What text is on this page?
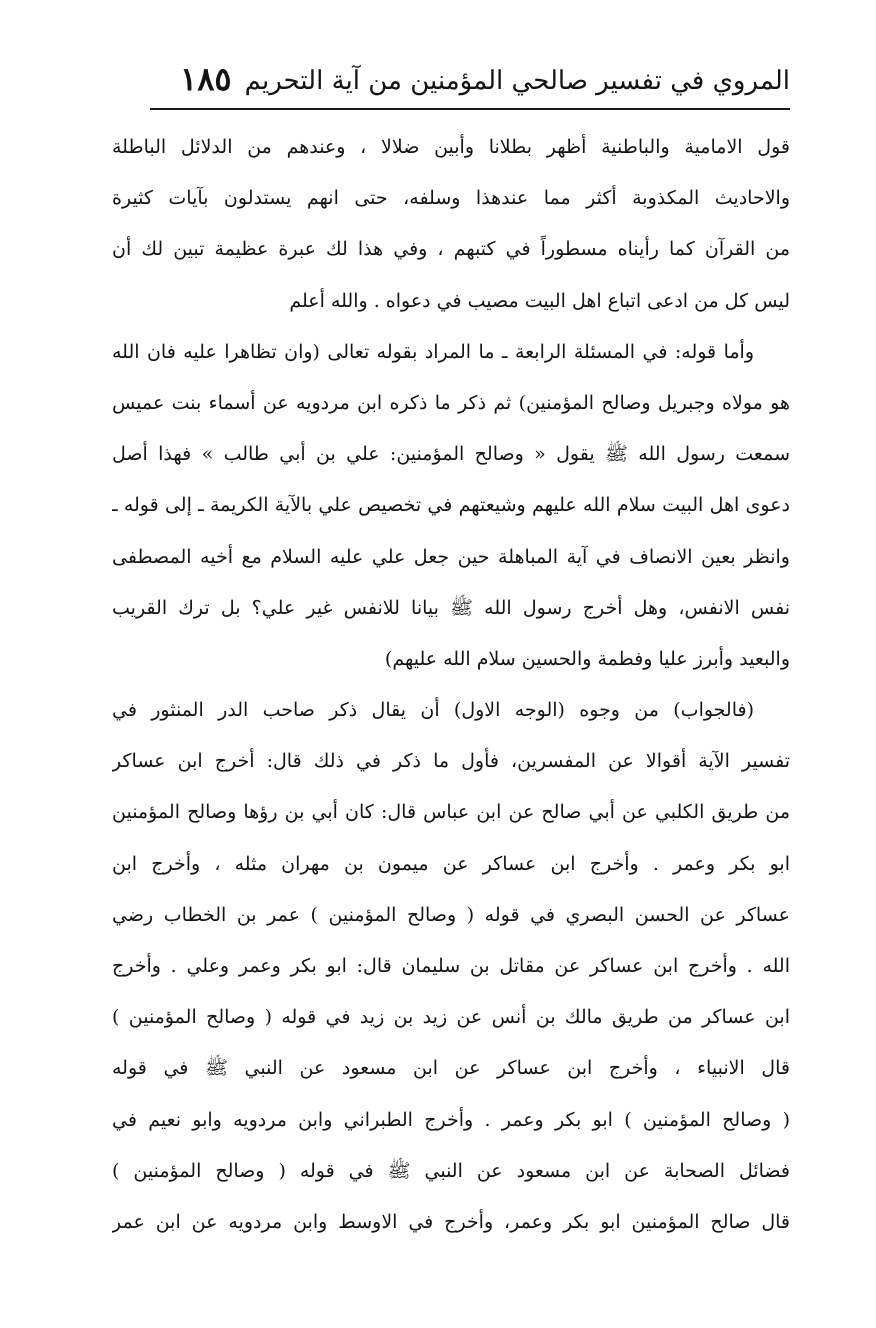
المروي في تفسير صالحي المؤمنين من آية التحريم
١٨٥
قول الامامية والباطنية أظهر بطلانا وأبين ضلالا ، وعندهم من الدلائل الباطلة
والاحاديث المكذوبة أكثر مما عندهذا وسلفه، حتى انهم يستدلون بآيات كثيرة
من القرآن كما رأيناه مسطوراً في كتبهم ، وفي هذا لك عبرة عظيمة تبين لك أن
ليس كل من ادعى اتباع اهل البيت مصيب في دعواه . والله أعلم
وأما قوله: في المسئلة الرابعة ـ ما المراد بقوله تعالى (وان تظاهرا عليه فان الله
هو مولاه وجبريل وصالح المؤمنين) ثم ذكر ما ذكره ابن مردويه عن أسماء بنت عميس
سمعت رسول الله ﷺ يقول « وصالح المؤمنين: علي بن أبي طالب » فهذا أصل
دعوى اهل البيت سلام الله عليهم وشيعتهم في تخصيص علي بالآية الكريمة ـ إلى قوله ـ
وانظر بعين الانصاف في آية المباهلة حين جعل علي عليه السلام مع أخيه المصطفى
نفس الانفس، وهل أخرج رسول الله ﷺ بيانا للانفس غير علي؟ بل ترك القريب
والبعيد وأبرز عليا وفطمة والحسين سلام الله عليهم)
(فالجواب) من وجوه (الوجه الاول) أن يقال ذكر صاحب الدر المنثور في
تفسير الآية أقوالا عن المفسرين، فأول ما ذكر في ذلك قال: أخرج ابن عساكر
من طريق الكلبي عن أبي صالح عن ابن عباس قال: كان أبي بن رؤها وصالح المؤمنين
ابو بكر وعمر . وأخرج ابن عساكر عن ميمون بن مهران مثله ، وأخرج ابن
عساكر عن الحسن البصري في قوله ( وصالح المؤمنين ) عمر بن الخطاب رضي
الله . وأخرج ابن عساكر عن مقاتل بن سليمان قال: ابو بكر وعمر وعلي . وأخرج
ابن عساكر من طريق مالك بن أنس عن زيد بن زيد في قوله ( وصالح المؤمنين )
قال الانبياء ، وأخرج ابن عساكر عن ابن مسعود عن النبي ﷺ في قوله
( وصالح المؤمنين ) ابو بكر وعمر . وأخرج الطبراني وابن مردويه وابو نعيم في
فضائل الصحابة عن ابن مسعود عن النبي ﷺ في قوله ( وصالح المؤمنين )
قال صالح المؤمنين ابو بكر وعمر، وأخرج في الاوسط وابن مردويه عن ابن عمر
